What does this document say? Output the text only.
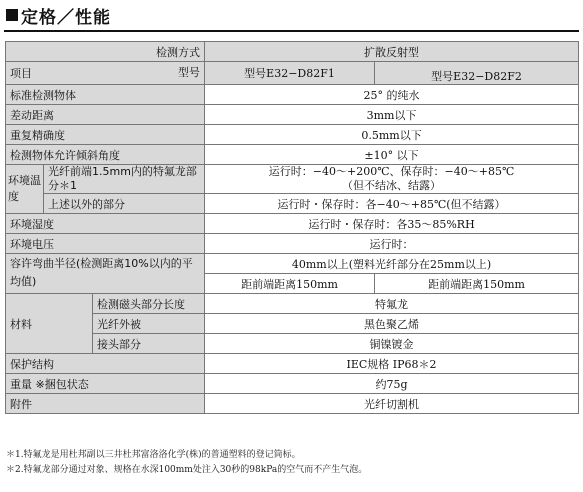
定格／性能
检测方式			扩散反射型	
项目 型号			型号E32−D82F1	型号E32−D82F2
标准检测物体			25° 的纯水	
差动距离			3mm以下	
重复精确度			0.5mm以下	
检测物体允许倾斜角度			±10° 以下	
环境温度	光纤前端1.5mm内的特氟龙部分＊1		运行时：−40〜+200℃、保存时：−40〜+85℃
（但不结冰、结露）	

	上述以外的部分		运行时・保存时：各−40〜+85℃(但不结露）	
环境湿度			运行时・保存时：各35〜85%RH	
环境电压			运行时：	
容许弯曲半径(检测距离10%以内的平均值)			40mm以上(塑料光纤部分在25mm以上)	
			距前端距离150mm	距前端距离150mm
材料		检测磁头部分长度	特氟龙	
		光纤外被	黑色聚乙烯	
		接头部分	铜镍镀金	
保护结构			IEC规格 IP68＊2	
重量 ※捆包状态			约75g	
附件			光纤切割机	
＊1.特氟龙是用杜邦副以三井杜邦富洛洛化学(株)的普通塑料的登记筒标。
＊2.特氟龙部分通过对象、规格在水深100mm处注入30秒的98kPa的空气而不产生气泡。
